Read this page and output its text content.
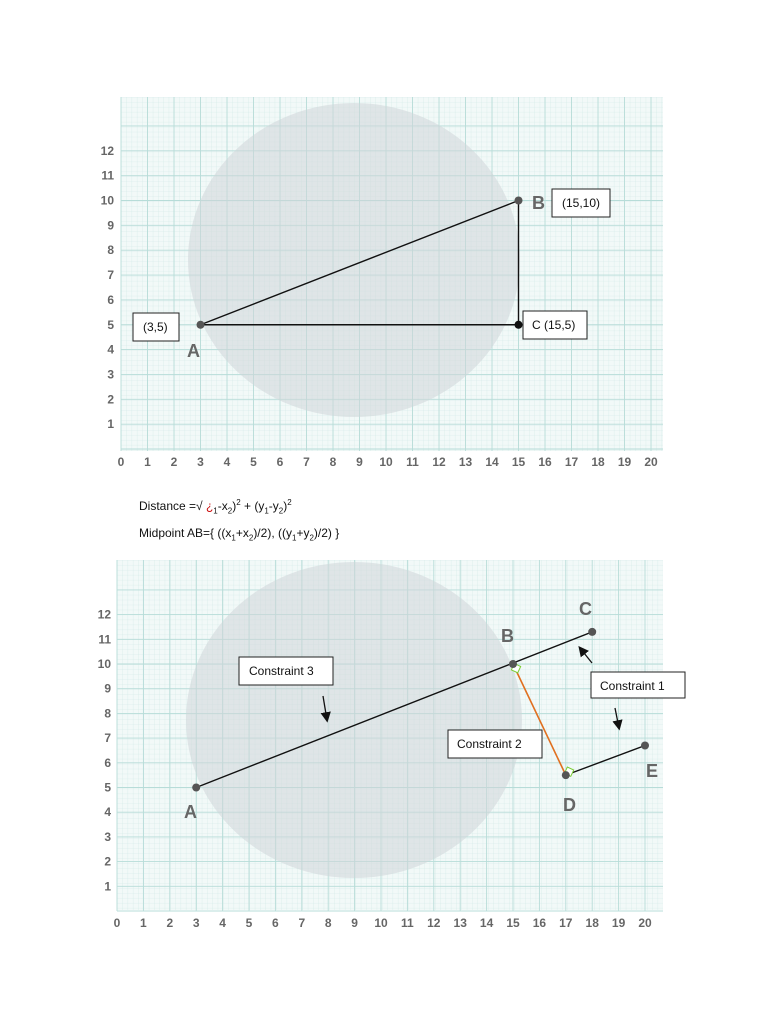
1
2
3
4
5
6
7
8
9
10
11
12
0 1 2 3 4 5 6 7 8 9 10 11 12 13 14 15 16 17 18 19 20
A
B
(3,5)
(15,10)
C (15,5)
Distance =√ ¿$_1-x_2)^2 + (y_1-y_2)^2$
Midpoint AB={ $((x_1+x_2)/2)$, $((y_1+y_2)/2)$ }
1
2
3
4
5
6
7
8
9
10
11
12
0 1 2 3 4 5 6 7 8 9 10 11 12 13 14 15 16 17 18 19 20
A
B
C
D
E
Constraint 3
Constraint 2
Constraint 1
